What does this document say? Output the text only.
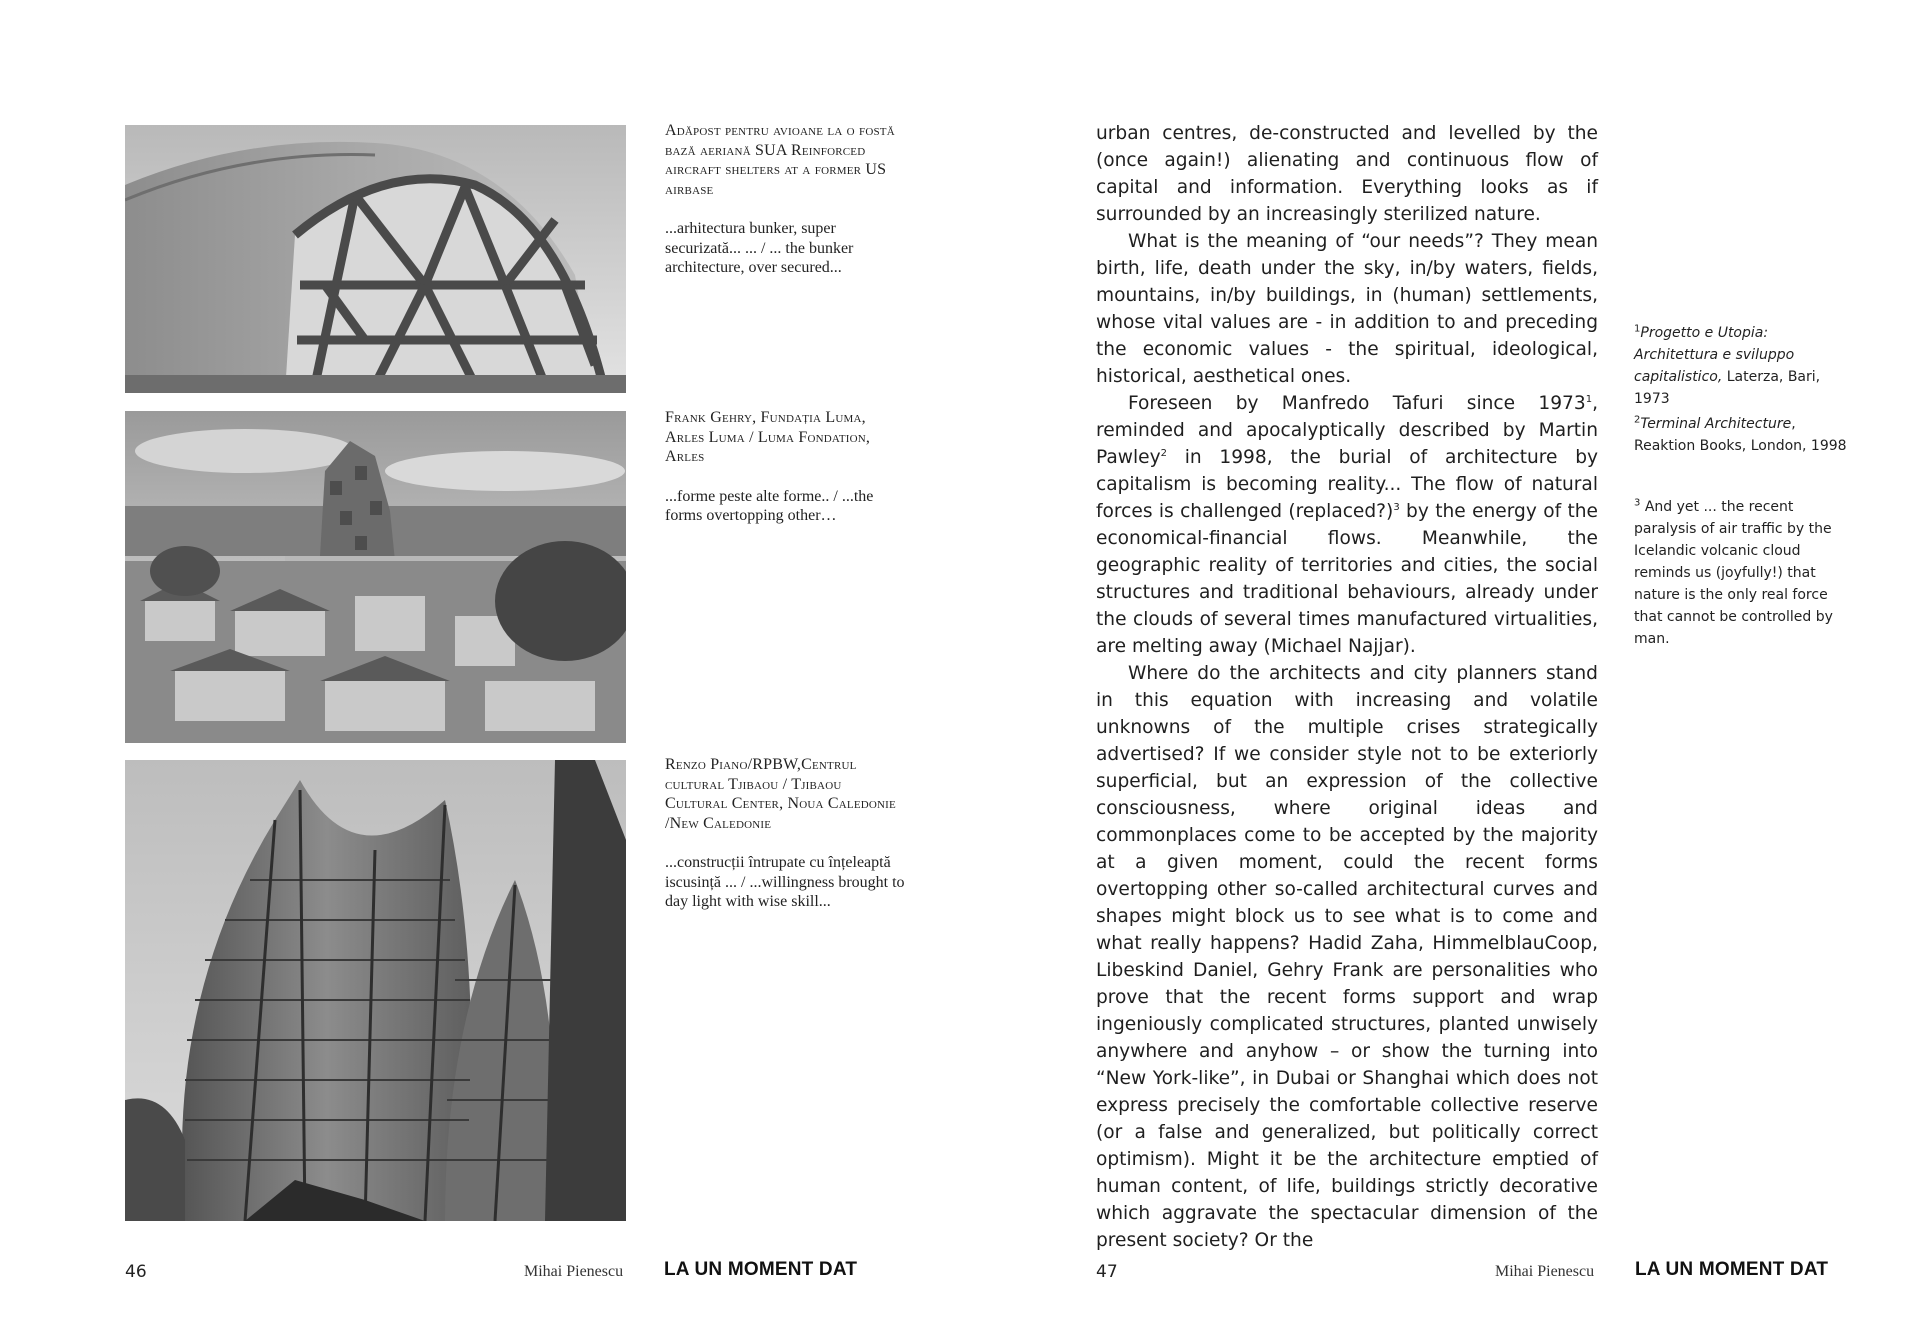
Adăpost pentru avioane la o fostă bază aeriană SUA Reinforced aircraft shelters at a former US airbase
...arhitectura bunker, super securizată... ... / ... the bunker architecture, over secured...
Frank Gehry, Fundația Luma, Arles Luma / Luma Fondation, Arles
...forme peste alte forme.. / ...the forms overtopping other…
Renzo Piano/RPBW,Centrul cultural Tjibaou / Tjibaou Cultural Center, Noua Caledonie /New Caledonie
...construcții întrupate cu înțeleaptă iscusință ... / ...willingness brought to day light with wise skill...
46	Mihai Pienescu LA UN MOMENT DAT

urban centres, de-constructed and levelled by the (once again!) alienating and continuous flow of capital and information. Everything looks as if surrounded by an increasingly sterilized nature.

What is the meaning of “our needs”? They mean birth, life, death under the sky, in/by waters, fields, mountains, in/by buildings, in (human) settlements, whose vital values are - in addition to and preceding the economic values - the spiritual, ideological, historical, aesthetical ones.

Foreseen by Manfredo Tafuri since 1973$^1$, reminded and apocalyptically described by Martin Pawley$^2$ in 1998, the burial of architecture by capitalism is becoming reality... The flow of natural forces is challenged (replaced?)$^3$ by the energy of the economical-financial flows. Meanwhile, the geographic reality of territories and cities, the social structures and traditional behaviours, already under the clouds of several times manufactured virtualities, are melting away (Michael Najjar).

Where do the architects and city planners stand in this equation with increasing and volatile unknowns of the multiple crises strategically advertised? If we consider style not to be exteriorly superficial, but an expression of the collective consciousness, where original ideas and commonplaces come to be accepted by the majority at a given moment, could the recent forms overtopping other so-called architectural curves and shapes might block us to see what is to come and what really happens? Hadid Zaha, HimmelblauCoop, Libeskind Daniel, Gehry Frank are personalities who prove that the recent forms support and wrap ingeniously complicated structures, planted unwisely anywhere and anyhow – or show the turning into “New York-like”, in Dubai or Shanghai which does not express precisely the comfortable collective reserve (or a false and generalized, but politically correct optimism). Might it be the architecture emptied of human content, of life, buildings strictly decorative which aggravate the spectacular dimension of the present society? Or the

$^1$Progetto e Utopia: Architettura e sviluppo capitalistico, Laterza, Bari, 1973
$^2$Terminal Architecture, Reaktion Books, London, 1998
$^3$ And yet ... the recent paralysis of air traffic by the Icelandic volcanic cloud reminds us (joyfully!) that nature is the only real force that cannot be controlled by man.
47	Mihai Pienescu LA UN MOMENT DAT
